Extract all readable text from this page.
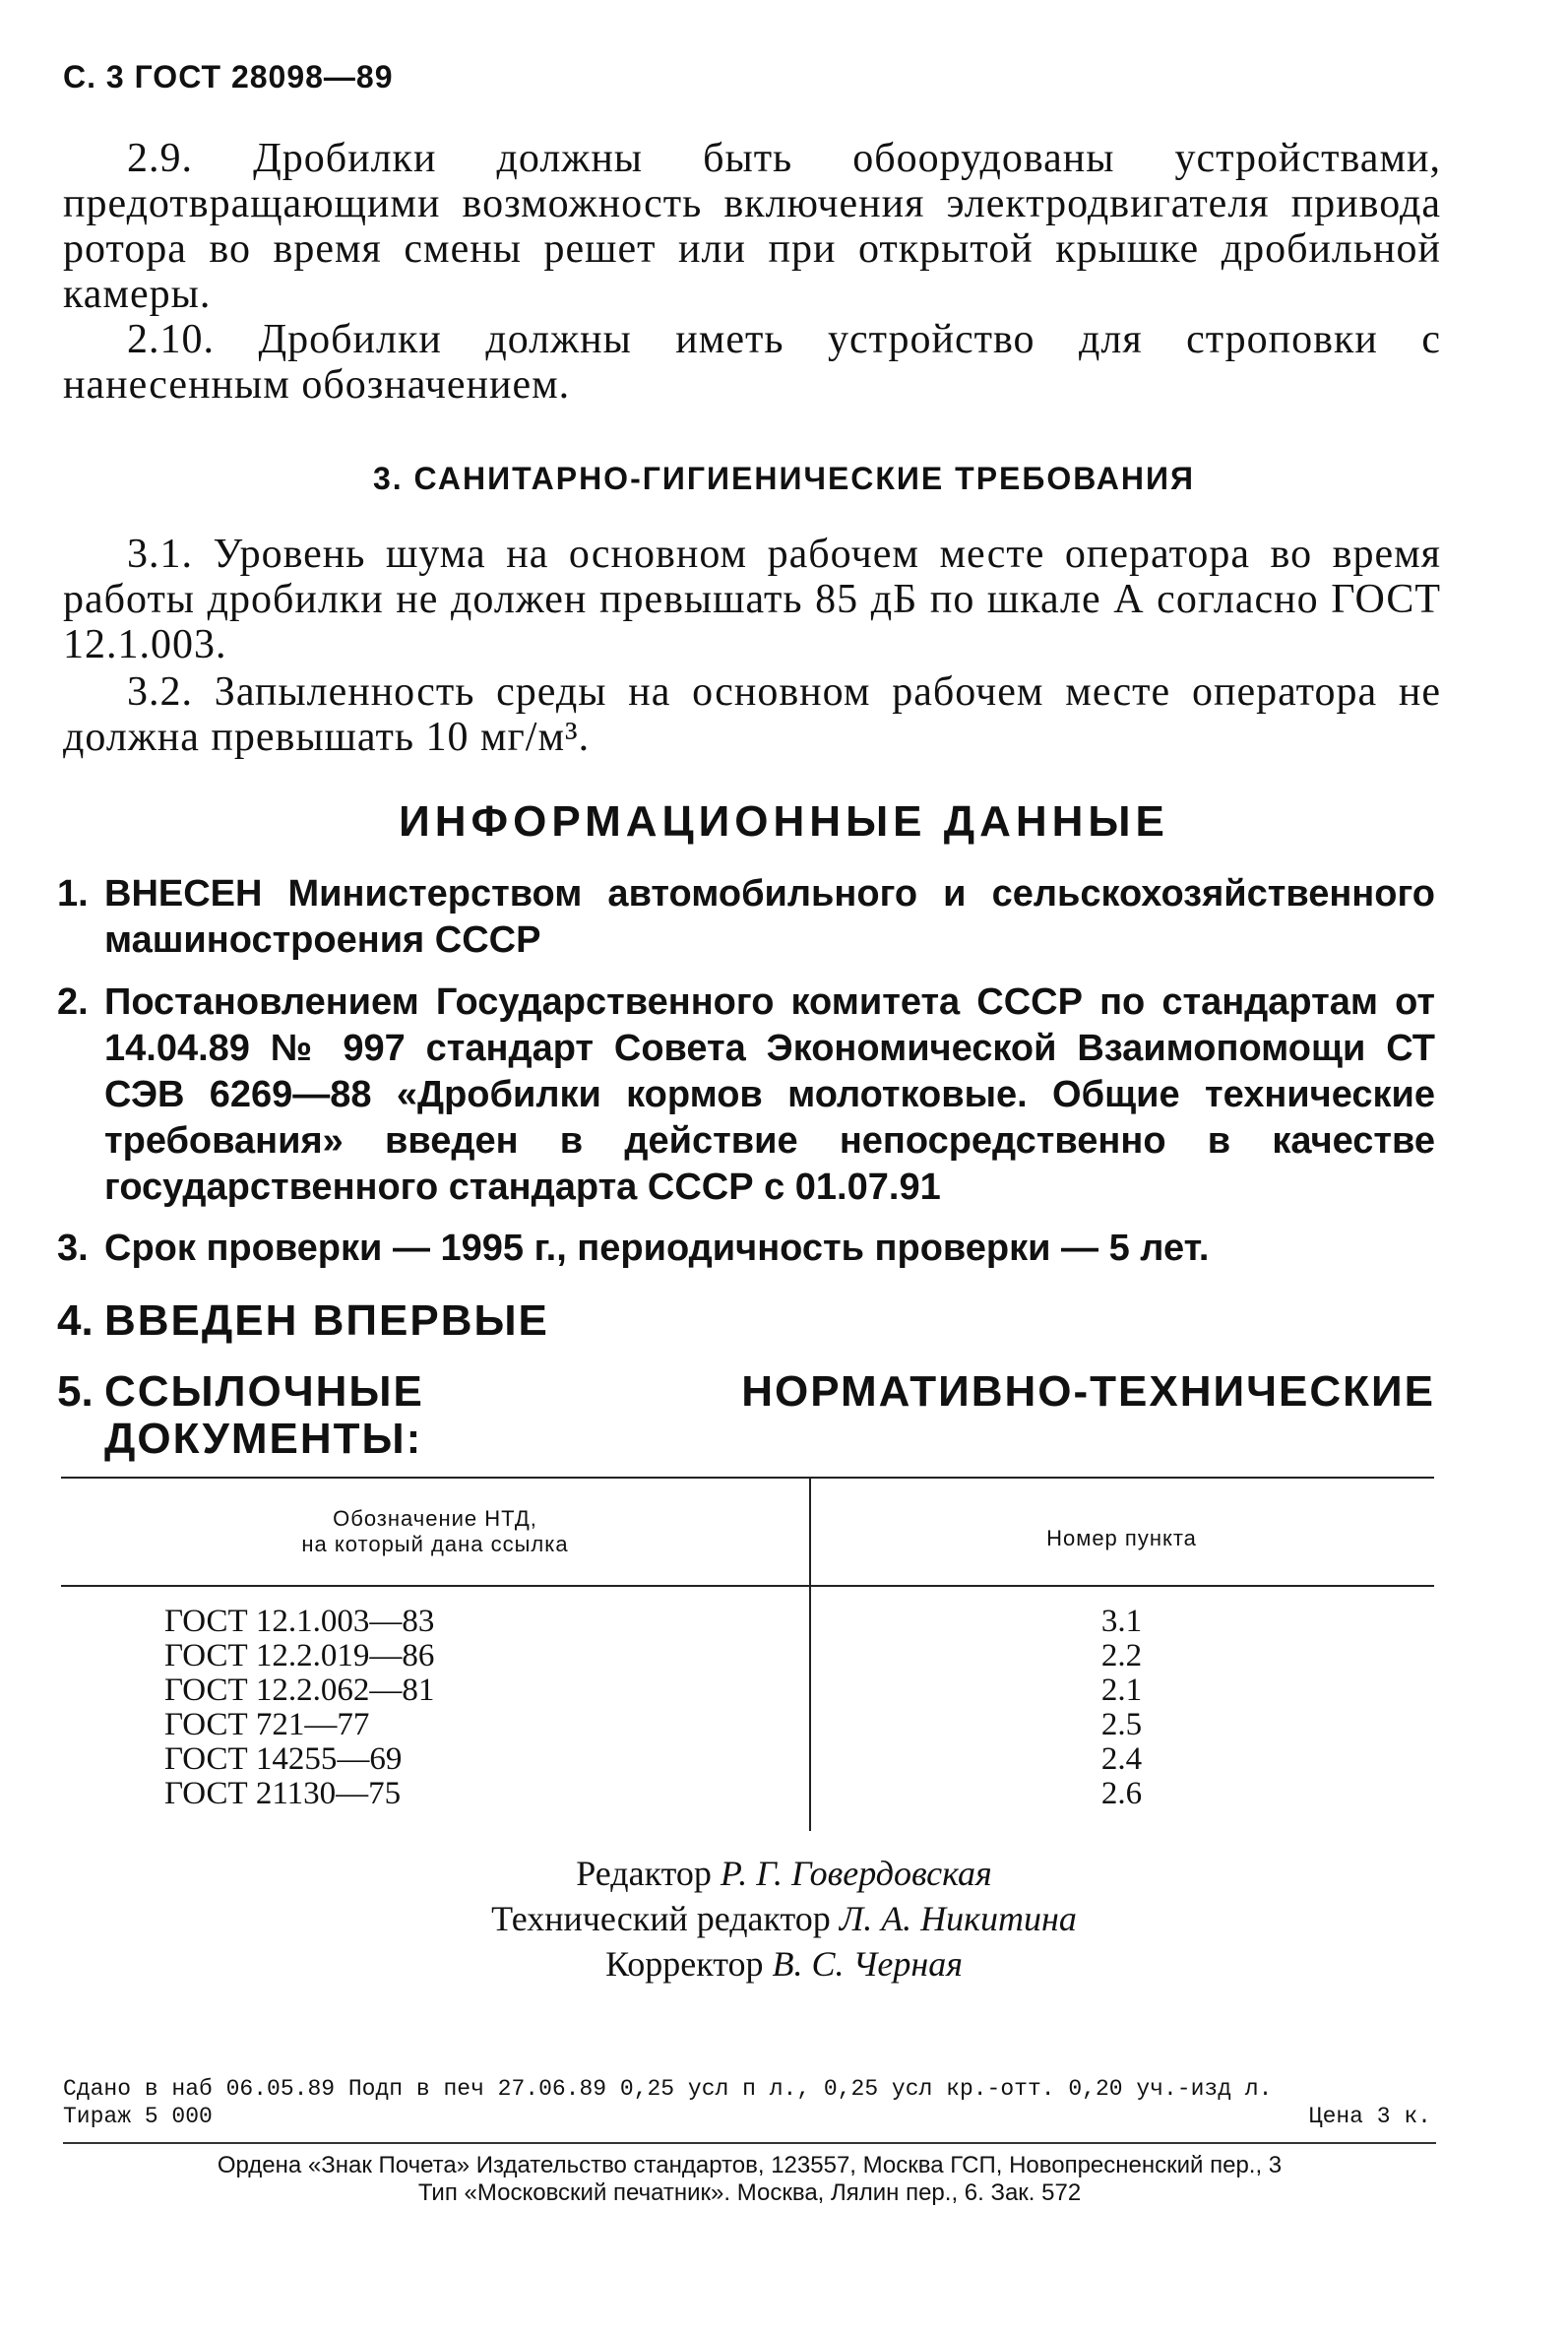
С. 3 ГОСТ 28098—89

2.9. Дробилки должны быть обоорудованы устройствами, предотвращающими возможность включения электродвигателя привода ротора во время смены решет или при открытой крышке дробильной камеры.

2.10. Дробилки должны иметь устройство для строповки с нанесенным обозначением.

3. САНИТАРНО-ГИГИЕНИЧЕСКИЕ ТРЕБОВАНИЯ

3.1. Уровень шума на основном рабочем месте оператора во время работы дробилки не должен превышать 85 дБ по шкале А согласно ГОСТ 12.1.003.

3.2. Запыленность среды на основном рабочем месте оператора не должна превышать 10 мг/м³.

ИНФОРМАЦИОННЫЕ ДАННЫЕ
1. ВНЕСЕН Министерством автомобильного и сельскохозяйственного машиностроения СССР
2. Постановлением Государственного комитета СССР по стандартам от 14.04.89 № 997 стандарт Совета Экономической Взаимопомощи СТ СЭВ 6269—88 «Дробилки кормов молотковые. Общие технические требования» введен в действие непосредственно в качестве государственного стандарта СССР с 01.07.91
3. Срок проверки — 1995 г., периодичность проверки — 5 лет.
4. ВВЕДЕН ВПЕРВЫЕ
5. ССЫЛОЧНЫЕ НОРМАТИВНО-ТЕХНИЧЕСКИЕ ДОКУМЕНТЫ:
Обозначение НТД,
на который дана ссылка	Номер пункта
ГОСТ 12.1.003—83
ГОСТ 12.2.019—86
ГОСТ 12.2.062—81
ГОСТ 721—77
ГОСТ 14255—69
ГОСТ 21130—75
3.1
2.2
2.1
2.5
2.4
2.6
Редактор Р. Г. Говердовская
Технический редактор Л. А. Никитина
Корректор В. С. Черная
Сдано в наб 06.05.89 Подп в печ 27.06.89 0,25 усл п л., 0,25 усл кр.-отт. 0,20 уч.-изд л.
Тираж 5 000	Цена 3 к.
Ордена «Знак Почета» Издательство стандартов, 123557, Москва ГСП, Новопресненский пер., 3
Тип «Московский печатник». Москва, Лялин пер., 6. Зак. 572
